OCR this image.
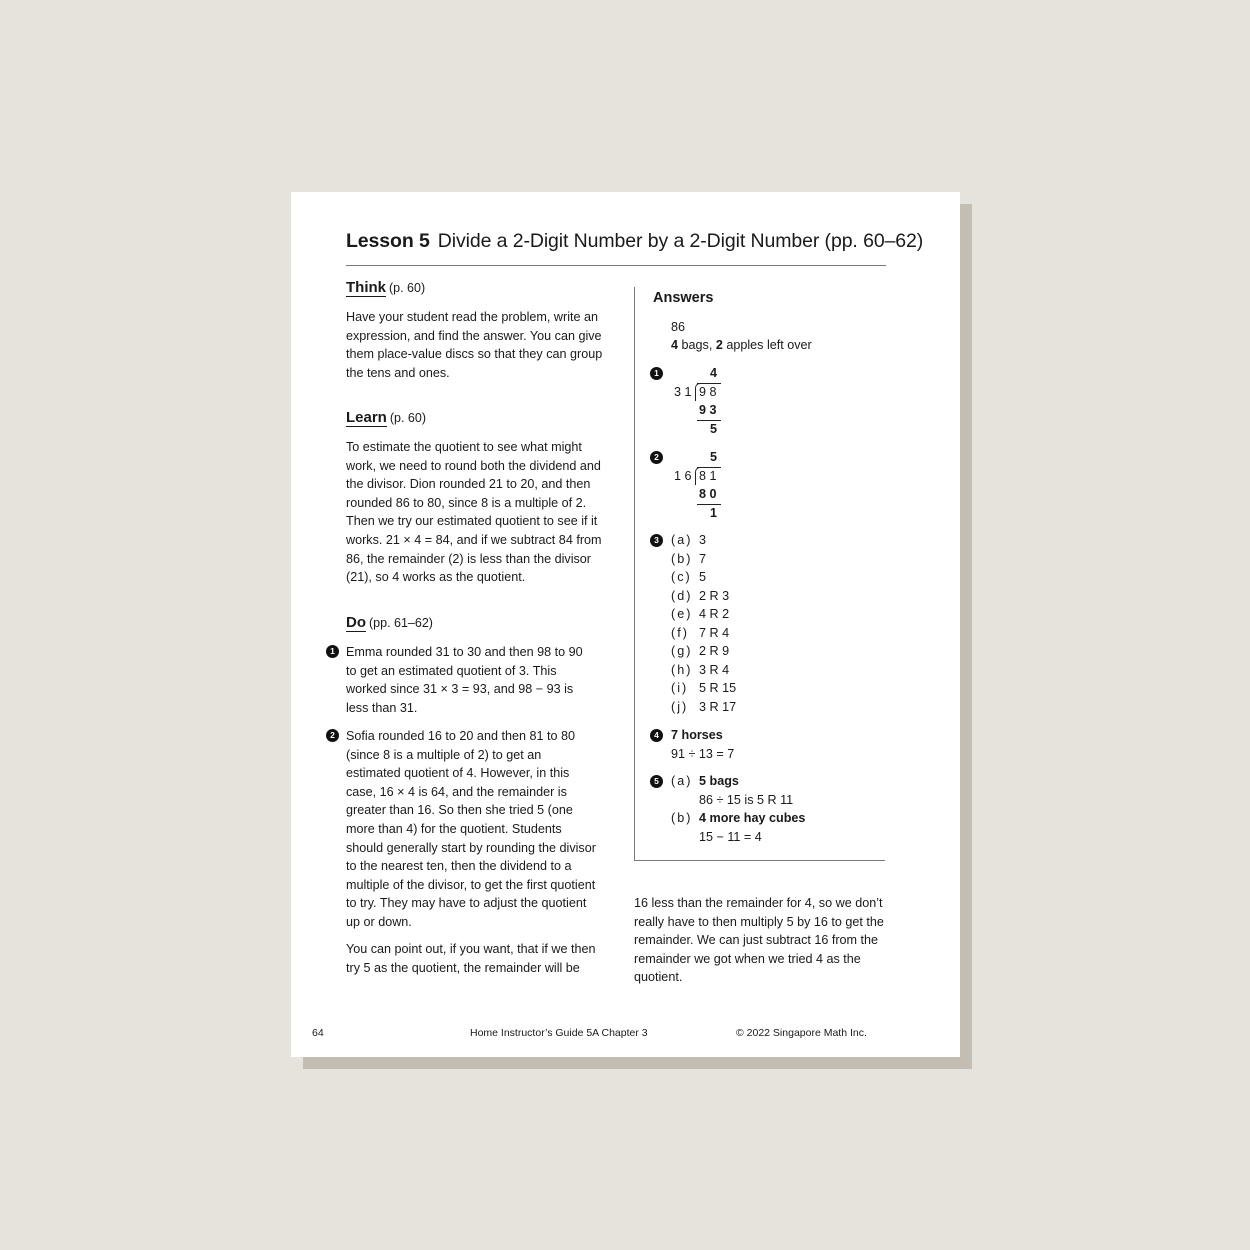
Lesson 5 Divide a 2-Digit Number by a 2-Digit Number (pp. 60–62)
Think (p. 60)
Have your student read the problem, write an expression, and find the answer. You can give them place-value discs so that they can group the tens and ones.
Learn (p. 60)
To estimate the quotient to see what might work, we need to round both the dividend and the divisor. Dion rounded 21 to 20, and then rounded 86 to 80, since 8 is a multiple of 2. Then we try our estimated quotient to see if it works. 21 × 4 = 84, and if we subtract 84 from 86, the remainder (2) is less than the divisor (21), so 4 works as the quotient.
Do (pp. 61–62)
1 Emma rounded 31 to 30 and then 98 to 90 to get an estimated quotient of 3. This worked since 31 × 3 = 93, and 98 − 93 is less than 31.
2 Sofia rounded 16 to 20 and then 81 to 80 (since 8 is a multiple of 2) to get an estimated quotient of 4. However, in this case, 16 × 4 is 64, and the remainder is greater than 16. So then she tried 5 (one more than 4) for the quotient. Students should generally start by rounding the divisor to the nearest ten, then the dividend to a multiple of the divisor, to get the first quotient to try. They may have to adjust the quotient up or down.
You can point out, if you want, that if we then try 5 as the quotient, the remainder will be
16 less than the remainder for 4, so we don’t really have to then multiply 5 by 16 to get the remainder. We can just subtract 16 from the remainder we got when we tried 4 as the quotient.
Answers
86
4 bags, 2 apples left over
1	4
3 1 9 8
9 3
5
2	5
1 6 8 1
8 0
1
3 (a) 3
(b) 7
(c) 5
(d) 2 R 3
(e) 4 R 2
(f) 7 R 4
(g) 2 R 9
(h) 3 R 4
(i) 5 R 15
(j) 3 R 17
4 7 horses
91 ÷ 13 = 7
5 (a) 5 bags
86 ÷ 15 is 5 R 11
(b) 4 more hay cubes
15 − 11 = 4
64	Home Instructor’s Guide 5A Chapter 3	© 2022 Singapore Math Inc.
